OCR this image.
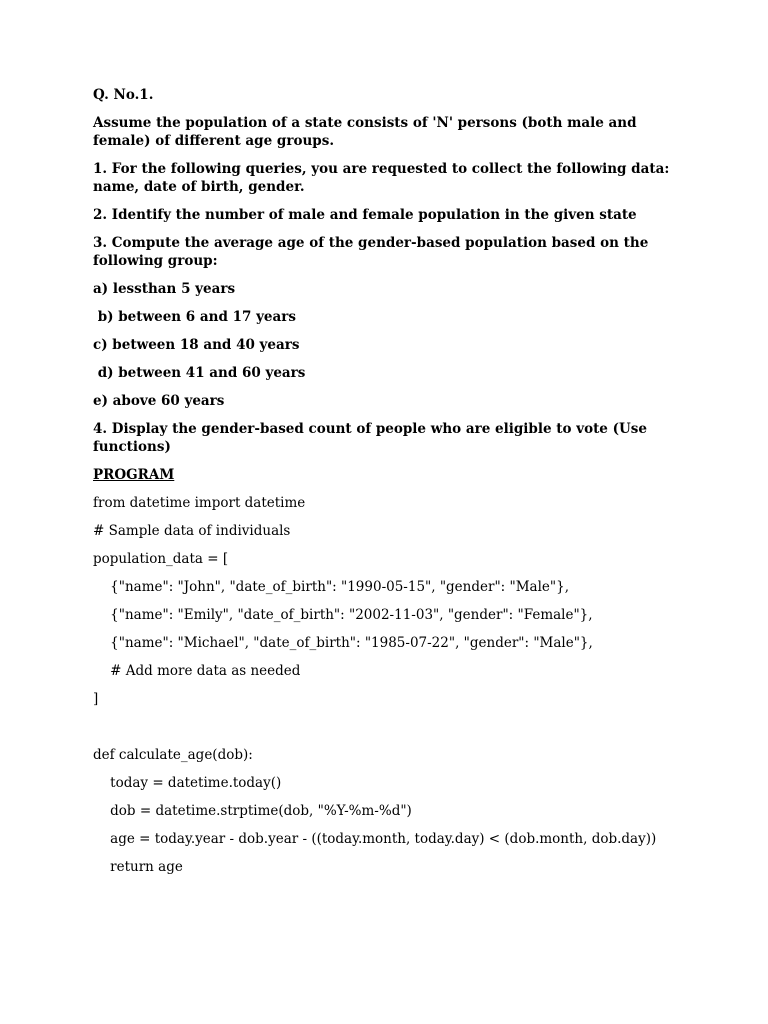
Q. No.1.

Assume the population of a state consists of 'N' persons (both male and female) of different age groups.

1. For the following queries, you are requested to collect the following data: name, date of birth, gender.

2. Identify the number of male and female population in the given state

3. Compute the average age of the gender-based population based on the following group:

a) lessthan 5 years

b) between 6 and 17 years

c) between 18 and 40 years

d) between 41 and 60 years

e) above 60 years

4. Display the gender-based count of people who are eligible to vote (Use functions)

PROGRAM

from datetime import datetime

# Sample data of individuals

population_data = [

{"name": "John", "date_of_birth": "1990-05-15", "gender": "Male"},

{"name": "Emily", "date_of_birth": "2002-11-03", "gender": "Female"},

{"name": "Michael", "date_of_birth": "1985-07-22", "gender": "Male"},

# Add more data as needed

]

def calculate_age(dob):

today = datetime.today()

dob = datetime.strptime(dob, "%Y-%m-%d")

age = today.year - dob.year - ((today.month, today.day) < (dob.month, dob.day))

return age
